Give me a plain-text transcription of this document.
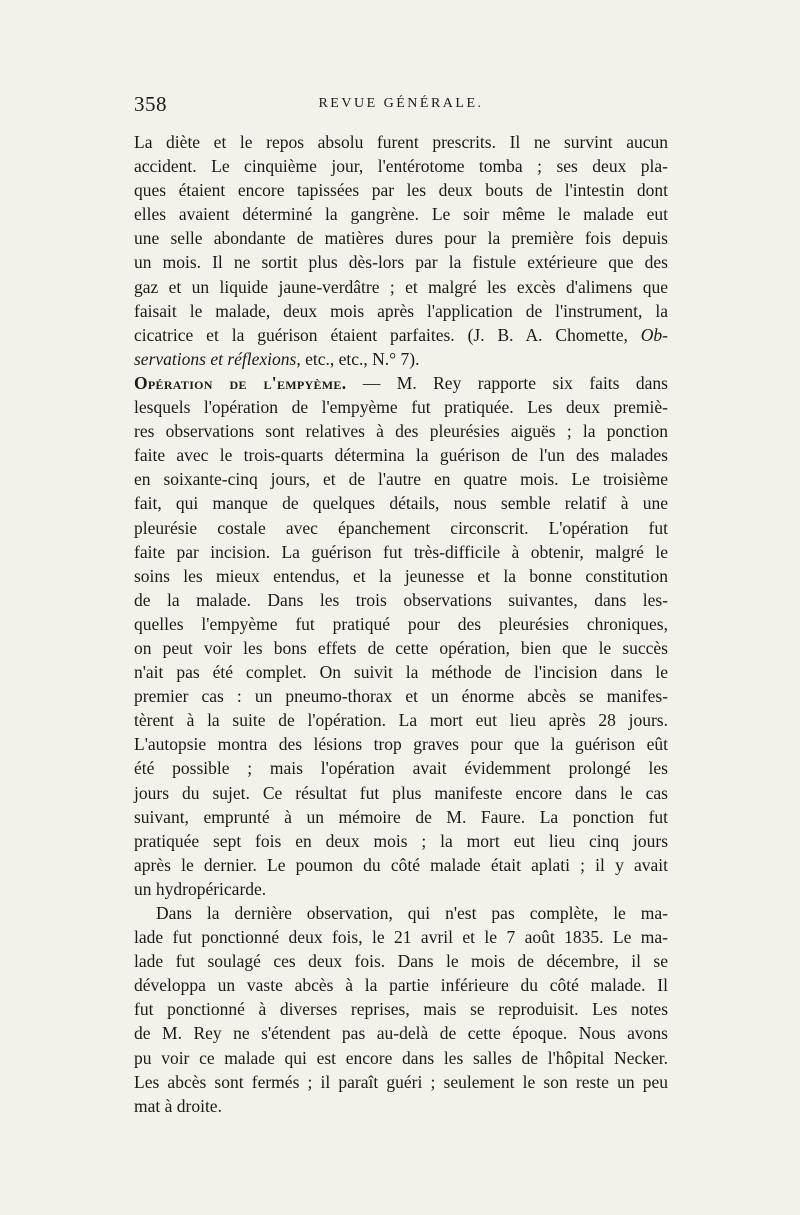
358	REVUE GÉNÉRALE.
La diète et le repos absolu furent prescrits. Il ne survint aucun
accident. Le cinquième jour, l'entérotome tomba ; ses deux pla-
ques étaient encore tapissées par les deux bouts de l'intestin dont
elles avaient déterminé la gangrène. Le soir même le malade eut
une selle abondante de matières dures pour la première fois depuis
un mois. Il ne sortit plus dès-lors par la fistule extérieure que des
gaz et un liquide jaune-verdâtre ; et malgré les excès d'alimens que
faisait le malade, deux mois après l'application de l'instrument, la
cicatrice et la guérison étaient parfaites. (J. B. A. Chomette, Ob-
servations et réflexions, etc., etc., N.° 7).
Opération de l'empyème. — M. Rey rapporte six faits dans
lesquels l'opération de l'empyème fut pratiquée. Les deux premiè-
res observations sont relatives à des pleurésies aiguës ; la ponction
faite avec le trois-quarts détermina la guérison de l'un des malades
en soixante-cinq jours, et de l'autre en quatre mois. Le troisième
fait, qui manque de quelques détails, nous semble relatif à une
pleurésie costale avec épanchement circonscrit. L'opération fut
faite par incision. La guérison fut très-difficile à obtenir, malgré le
soins les mieux entendus, et la jeunesse et la bonne constitution
de la malade. Dans les trois observations suivantes, dans les-
quelles l'empyème fut pratiqué pour des pleurésies chroniques,
on peut voir les bons effets de cette opération, bien que le succès
n'ait pas été complet. On suivit la méthode de l'incision dans le
premier cas : un pneumo-thorax et un énorme abcès se manifes-
tèrent à la suite de l'opération. La mort eut lieu après 28 jours.
L'autopsie montra des lésions trop graves pour que la guérison eût
été possible ; mais l'opération avait évidemment prolongé les
jours du sujet. Ce résultat fut plus manifeste encore dans le cas
suivant, emprunté à un mémoire de M. Faure. La ponction fut
pratiquée sept fois en deux mois ; la mort eut lieu cinq jours
après le dernier. Le poumon du côté malade était aplati ; il y avait
un hydropéricarde.
Dans la dernière observation, qui n'est pas complète, le ma-
lade fut ponctionné deux fois, le 21 avril et le 7 août 1835. Le ma-
lade fut soulagé ces deux fois. Dans le mois de décembre, il se
développa un vaste abcès à la partie inférieure du côté malade. Il
fut ponctionné à diverses reprises, mais se reproduisit. Les notes
de M. Rey ne s'étendent pas au-delà de cette époque. Nous avons
pu voir ce malade qui est encore dans les salles de l'hôpital Necker.
Les abcès sont fermés ; il paraît guéri ; seulement le son reste un peu
mat à droite.
